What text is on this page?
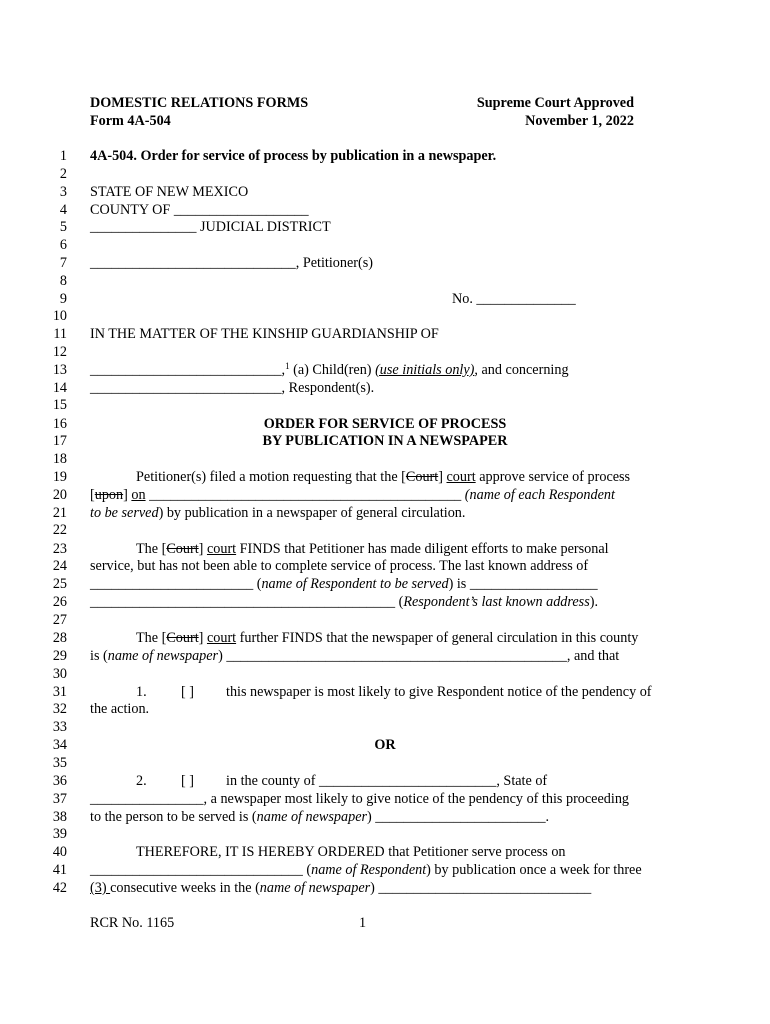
DOMESTIC RELATIONS FORMS
Form 4A-504
Supreme Court Approved
November 1, 2022
1
2
3
4
5
6
7
8
9
10
11
12
13
14
15
16
17
18
19
20
21
22
23
24
25
26
27
28
29
30
31
32
33
34
35
36
37
38
39
40
41
42
4A-504. Order for service of process by publication in a newspaper.
STATE OF NEW MEXICO
COUNTY OF ___________________
_______________ JUDICIAL DISTRICT
_____________________________, Petitioner(s)
No. ______________
IN THE MATTER OF THE KINSHIP GUARDIANSHIP OF
___________________________,$^1$ (a) Child(ren) (use initials only), and concerning
___________________________, Respondent(s).
ORDER FOR SERVICE OF PROCESS
BY PUBLICATION IN A NEWSPAPER
Petitioner(s) filed a motion requesting that the [Court] court approve service of process
[upon] on ____________________________________________ (name of each Respondent
to be served) by publication in a newspaper of general circulation.
The [Court] court FINDS that Petitioner has made diligent efforts to make personal
service, but has not been able to complete service of process. The last known address of
_______________________ (name of Respondent to be served) is __________________
___________________________________________ (Respondent’s last known address).
The [Court] court further FINDS that the newspaper of general circulation in this county
is (name of newspaper) ________________________________________________, and that
1. [ ] this newspaper is most likely to give Respondent notice of the pendency of
the action.
OR
2. [ ] in the county of _________________________, State of
________________, a newspaper most likely to give notice of the pendency of this proceeding
to the person to be served is (name of newspaper) ________________________.
THEREFORE, IT IS HEREBY ORDERED that Petitioner serve process on
______________________________ (name of Respondent) by publication once a week for three
(3) consecutive weeks in the (name of newspaper) ______________________________
RCR No. 1165	1
